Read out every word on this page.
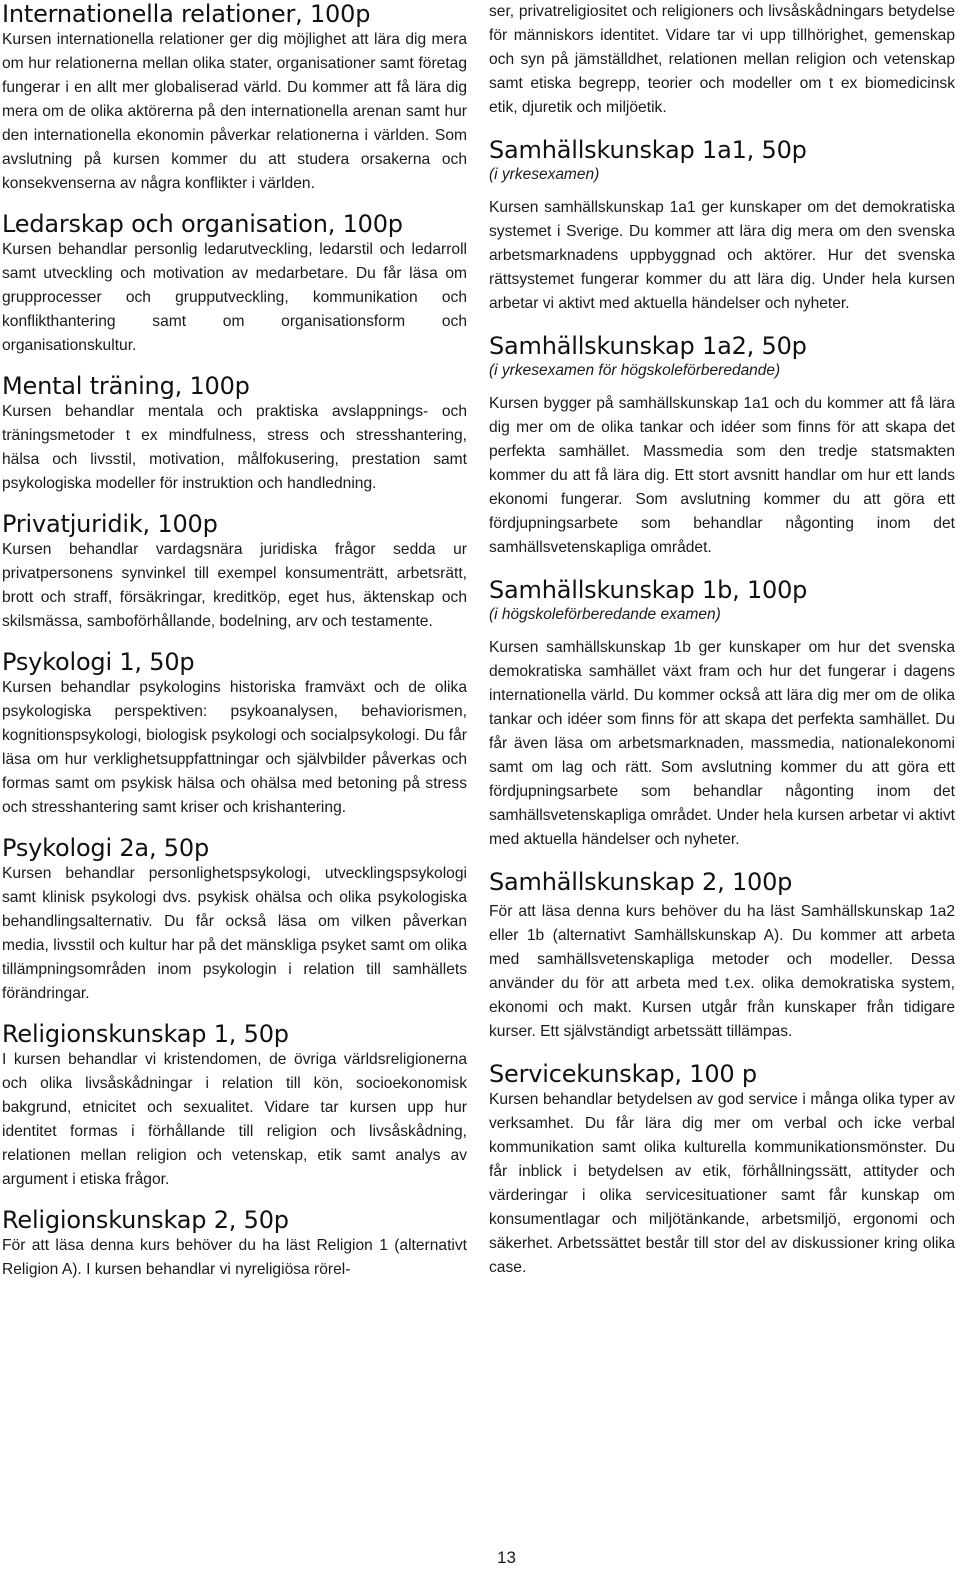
Internationella relationer, 100p

Kursen internationella relationer ger dig möjlighet att lära dig mera om hur relationerna mellan olika stater, organisationer samt företag fungerar i en allt mer globaliserad värld. Du kommer att få lära dig mera om de olika aktörerna på den internationella arenan samt hur den internationella ekonomin påverkar relationerna i världen. Som avslutning på kursen kommer du att studera orsakerna och konsekvenserna av några konflikter i världen.

Ledarskap och organisation, 100p

Kursen behandlar personlig ledarutveckling, ledarstil och ledarroll samt utveckling och motivation av medarbetare. Du får läsa om grupprocesser och grupputveckling, kommunikation och konflikthantering samt om organisationsform och organisationskultur.

Mental träning, 100p

Kursen behandlar mentala och praktiska avslappnings- och träningsmetoder t ex mindfulness, stress och stresshantering, hälsa och livsstil, motivation, målfokusering, prestation samt psykologiska modeller för instruktion och handledning.

Privatjuridik, 100p

Kursen behandlar vardagsnära juridiska frågor sedda ur privatpersonens synvinkel till exempel konsumenträtt, arbetsrätt, brott och straff, försäkringar, kreditköp, eget hus, äktenskap och skilsmässa, samboförhållande, bodelning, arv och testamente.

Psykologi 1, 50p

Kursen behandlar psykologins historiska framväxt och de olika psykologiska perspektiven: psykoanalysen, behaviorismen, kognitionspsykologi, biologisk psykologi och socialpsykologi. Du får läsa om hur verklighetsuppfattningar och självbilder påverkas och formas samt om psykisk hälsa och ohälsa med betoning på stress och stresshantering samt kriser och krishantering.

Psykologi 2a, 50p

Kursen behandlar personlighetspsykologi, utvecklingspsykologi samt klinisk psykologi dvs. psykisk ohälsa och olika psykologiska behandlingsalternativ. Du får också läsa om vilken påverkan media, livsstil och kultur har på det mänskliga psyket samt om olika tillämpningsområden inom psykologin i relation till samhällets förändringar.

Religionskunskap 1, 50p

I kursen behandlar vi kristendomen, de övriga världsreligionerna och olika livsåskådningar i relation till kön, socioekonomisk bakgrund, etnicitet och sexualitet. Vidare tar kursen upp hur identitet formas i förhållande till religion och livsåskådning, relationen mellan religion och vetenskap, etik samt analys av argument i etiska frågor.

Religionskunskap 2, 50p

För att läsa denna kurs behöver du ha läst Religion 1 (alternativt Religion A). I kursen behandlar vi nyreligiösa rörel-

ser, privatreligiositet och religioners och livsåskådningars betydelse för människors identitet. Vidare tar vi upp tillhörighet, gemenskap och syn på jämställdhet, relationen mellan religion och vetenskap samt etiska begrepp, teorier och modeller om t ex biomedicinsk etik, djuretik och miljöetik.

Samhällskunskap 1a1, 50p
(i yrkesexamen)

Kursen samhällskunskap 1a1 ger kunskaper om det demokratiska systemet i Sverige. Du kommer att lära dig mera om den svenska arbetsmarknadens uppbyggnad och aktörer. Hur det svenska rättsystemet fungerar kommer du att lära dig. Under hela kursen arbetar vi aktivt med aktuella händelser och nyheter.

Samhällskunskap 1a2, 50p
(i yrkesexamen för högskoleförberedande)

Kursen bygger på samhällskunskap 1a1 och du kommer att få lära dig mer om de olika tankar och idéer som finns för att skapa det perfekta samhället. Massmedia som den tredje statsmakten kommer du att få lära dig. Ett stort avsnitt handlar om hur ett lands ekonomi fungerar. Som avslutning kommer du att göra ett fördjupningsarbete som behandlar någonting inom det samhällsvetenskapliga området.

Samhällskunskap 1b, 100p
(i högskoleförberedande examen)

Kursen samhällskunskap 1b ger kunskaper om hur det svenska demokratiska samhället växt fram och hur det fungerar i dagens internationella värld. Du kommer också att lära dig mer om de olika tankar och idéer som finns för att skapa det perfekta samhället. Du får även läsa om arbetsmarknaden, massmedia, nationalekonomi samt om lag och rätt. Som avslutning kommer du att göra ett fördjupningsarbete som behandlar någonting inom det samhällsvetenskapliga området. Under hela kursen arbetar vi aktivt med aktuella händelser och nyheter.

Samhällskunskap 2, 100p

För att läsa denna kurs behöver du ha läst Samhällskunskap 1a2 eller 1b (alternativt Samhällskunskap A). Du kommer att arbeta med samhällsvetenskapliga metoder och modeller. Dessa använder du för att arbeta med t.ex. olika demokratiska system, ekonomi och makt. Kursen utgår från kunskaper från tidigare kurser. Ett självständigt arbetssätt tillämpas.

Servicekunskap, 100 p

Kursen behandlar betydelsen av god service i många olika typer av verksamhet. Du får lära dig mer om verbal och icke verbal kommunikation samt olika kulturella kommunikationsmönster. Du får inblick i betydelsen av etik, förhållningssätt, attityder och värderingar i olika servicesituationer samt får kunskap om konsumentlagar och miljötänkande, arbetsmiljö, ergonomi och säkerhet. Arbetssättet består till stor del av diskussioner kring olika case.

13
